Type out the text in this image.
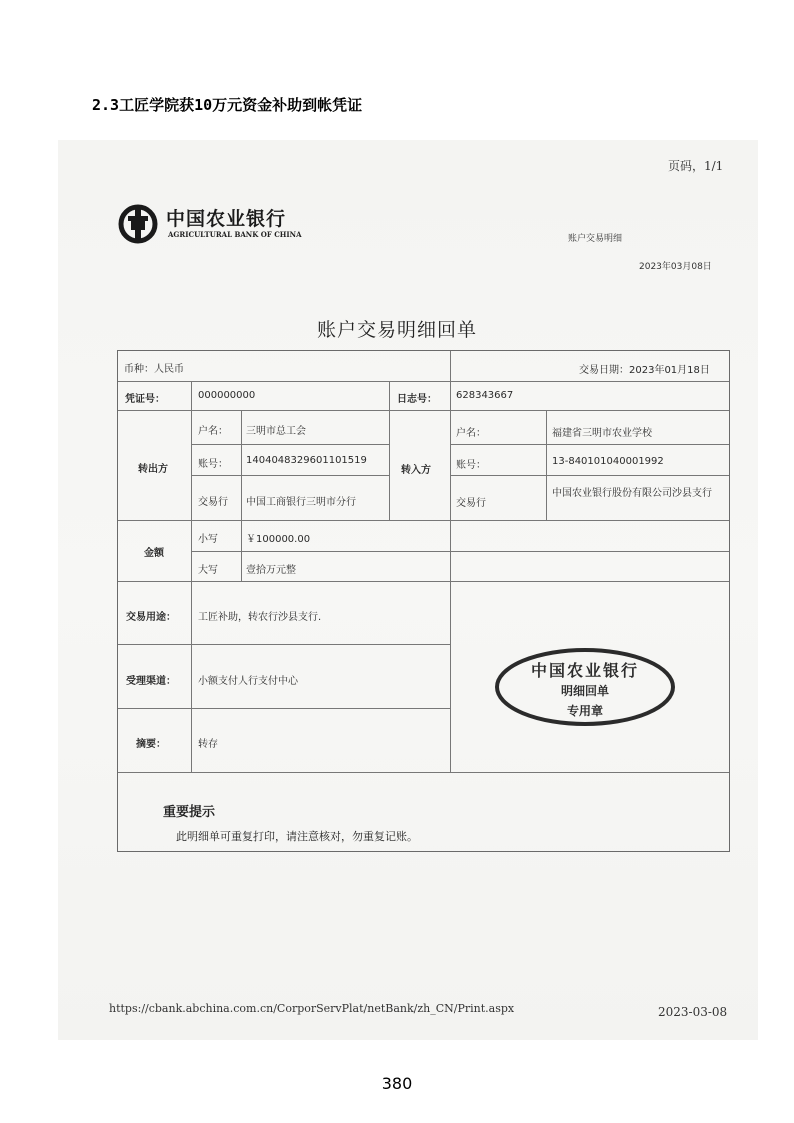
2.3工匠学院获10万元资金补助到帐凭证
页码，1/1
中国农业银行
AGRICULTURAL BANK OF CHINA	账户交易明细
2023年03月08日
账户交易明细回单
币种：人民币	交易日期：2023年01月18日
凭证号：	000000000	日志号： 628343667
转出方
户名： 三明市总工会
账号： 1404048329601101519
交易行 中国工商银行三明市分行
转入方
户名：	福建省三明市农业学校
账号：	13-840101040001992
交易行
中国农业银行股份有限公司沙县支行
金额
小写	￥100000.00
大写	壹拾万元整
交易用途： 工匠补助，转农行沙县支行.
受理渠道： 小额支付人行支付中心
摘要：	转存
重要提示
此明细单可重复打印，请注意核对，勿重复记账。
中国农业银行
明细回单
专用章
https://cbank.abchina.com.cn/CorporServPlat/netBank/zh_CN/Print.aspx	2023-03-08
380
